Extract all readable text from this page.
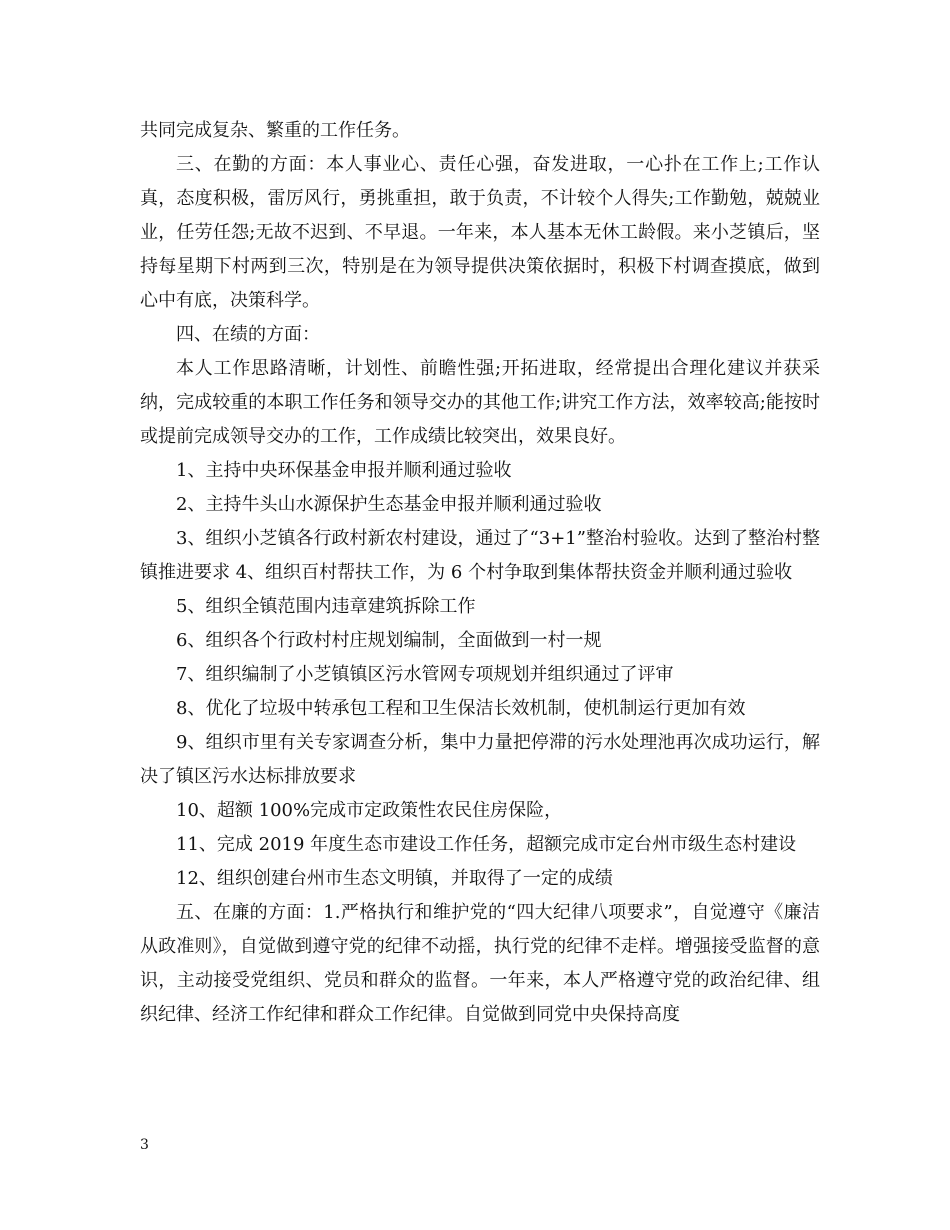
共同完成复杂、繁重的工作任务。

三、在勤的方面：本人事业心、责任心强，奋发进取，一心扑在工作上;工作认真，态度积极，雷厉风行，勇挑重担，敢于负责，不计较个人得失;工作勤勉，兢兢业业，任劳任怨;无故不迟到、不早退。一年来，本人基本无休工龄假。来小芝镇后，坚持每星期下村两到三次，特别是在为领导提供决策依据时，积极下村调查摸底，做到心中有底，决策科学。

四、在绩的方面：

本人工作思路清晰，计划性、前瞻性强;开拓进取，经常提出合理化建议并获采纳，完成较重的本职工作任务和领导交办的其他工作;讲究工作方法，效率较高;能按时或提前完成领导交办的工作，工作成绩比较突出，效果良好。

1、主持中央环保基金申报并顺利通过验收

2、主持牛头山水源保护生态基金申报并顺利通过验收

3、组织小芝镇各行政村新农村建设，通过了“3+1”整治村验收。达到了整治村整镇推进要求 4、组织百村帮扶工作，为 6 个村争取到集体帮扶资金并顺利通过验收

5、组织全镇范围内违章建筑拆除工作

6、组织各个行政村村庄规划编制，全面做到一村一规

7、组织编制了小芝镇镇区污水管网专项规划并组织通过了评审

8、优化了垃圾中转承包工程和卫生保洁长效机制，使机制运行更加有效

9、组织市里有关专家调查分析，集中力量把停滞的污水处理池再次成功运行，解决了镇区污水达标排放要求

10、超额 100%完成市定政策性农民住房保险，

11、完成 2019 年度生态市建设工作任务，超额完成市定台州市级生态村建设

12、组织创建台州市生态文明镇，并取得了一定的成绩

五、在廉的方面：1.严格执行和维护党的“四大纪律八项要求”，自觉遵守《廉洁从政准则》，自觉做到遵守党的纪律不动摇，执行党的纪律不走样。增强接受监督的意识，主动接受党组织、党员和群众的监督。一年来，本人严格遵守党的政治纪律、组织纪律、经济工作纪律和群众工作纪律。自觉做到同党中央保持高度

3
